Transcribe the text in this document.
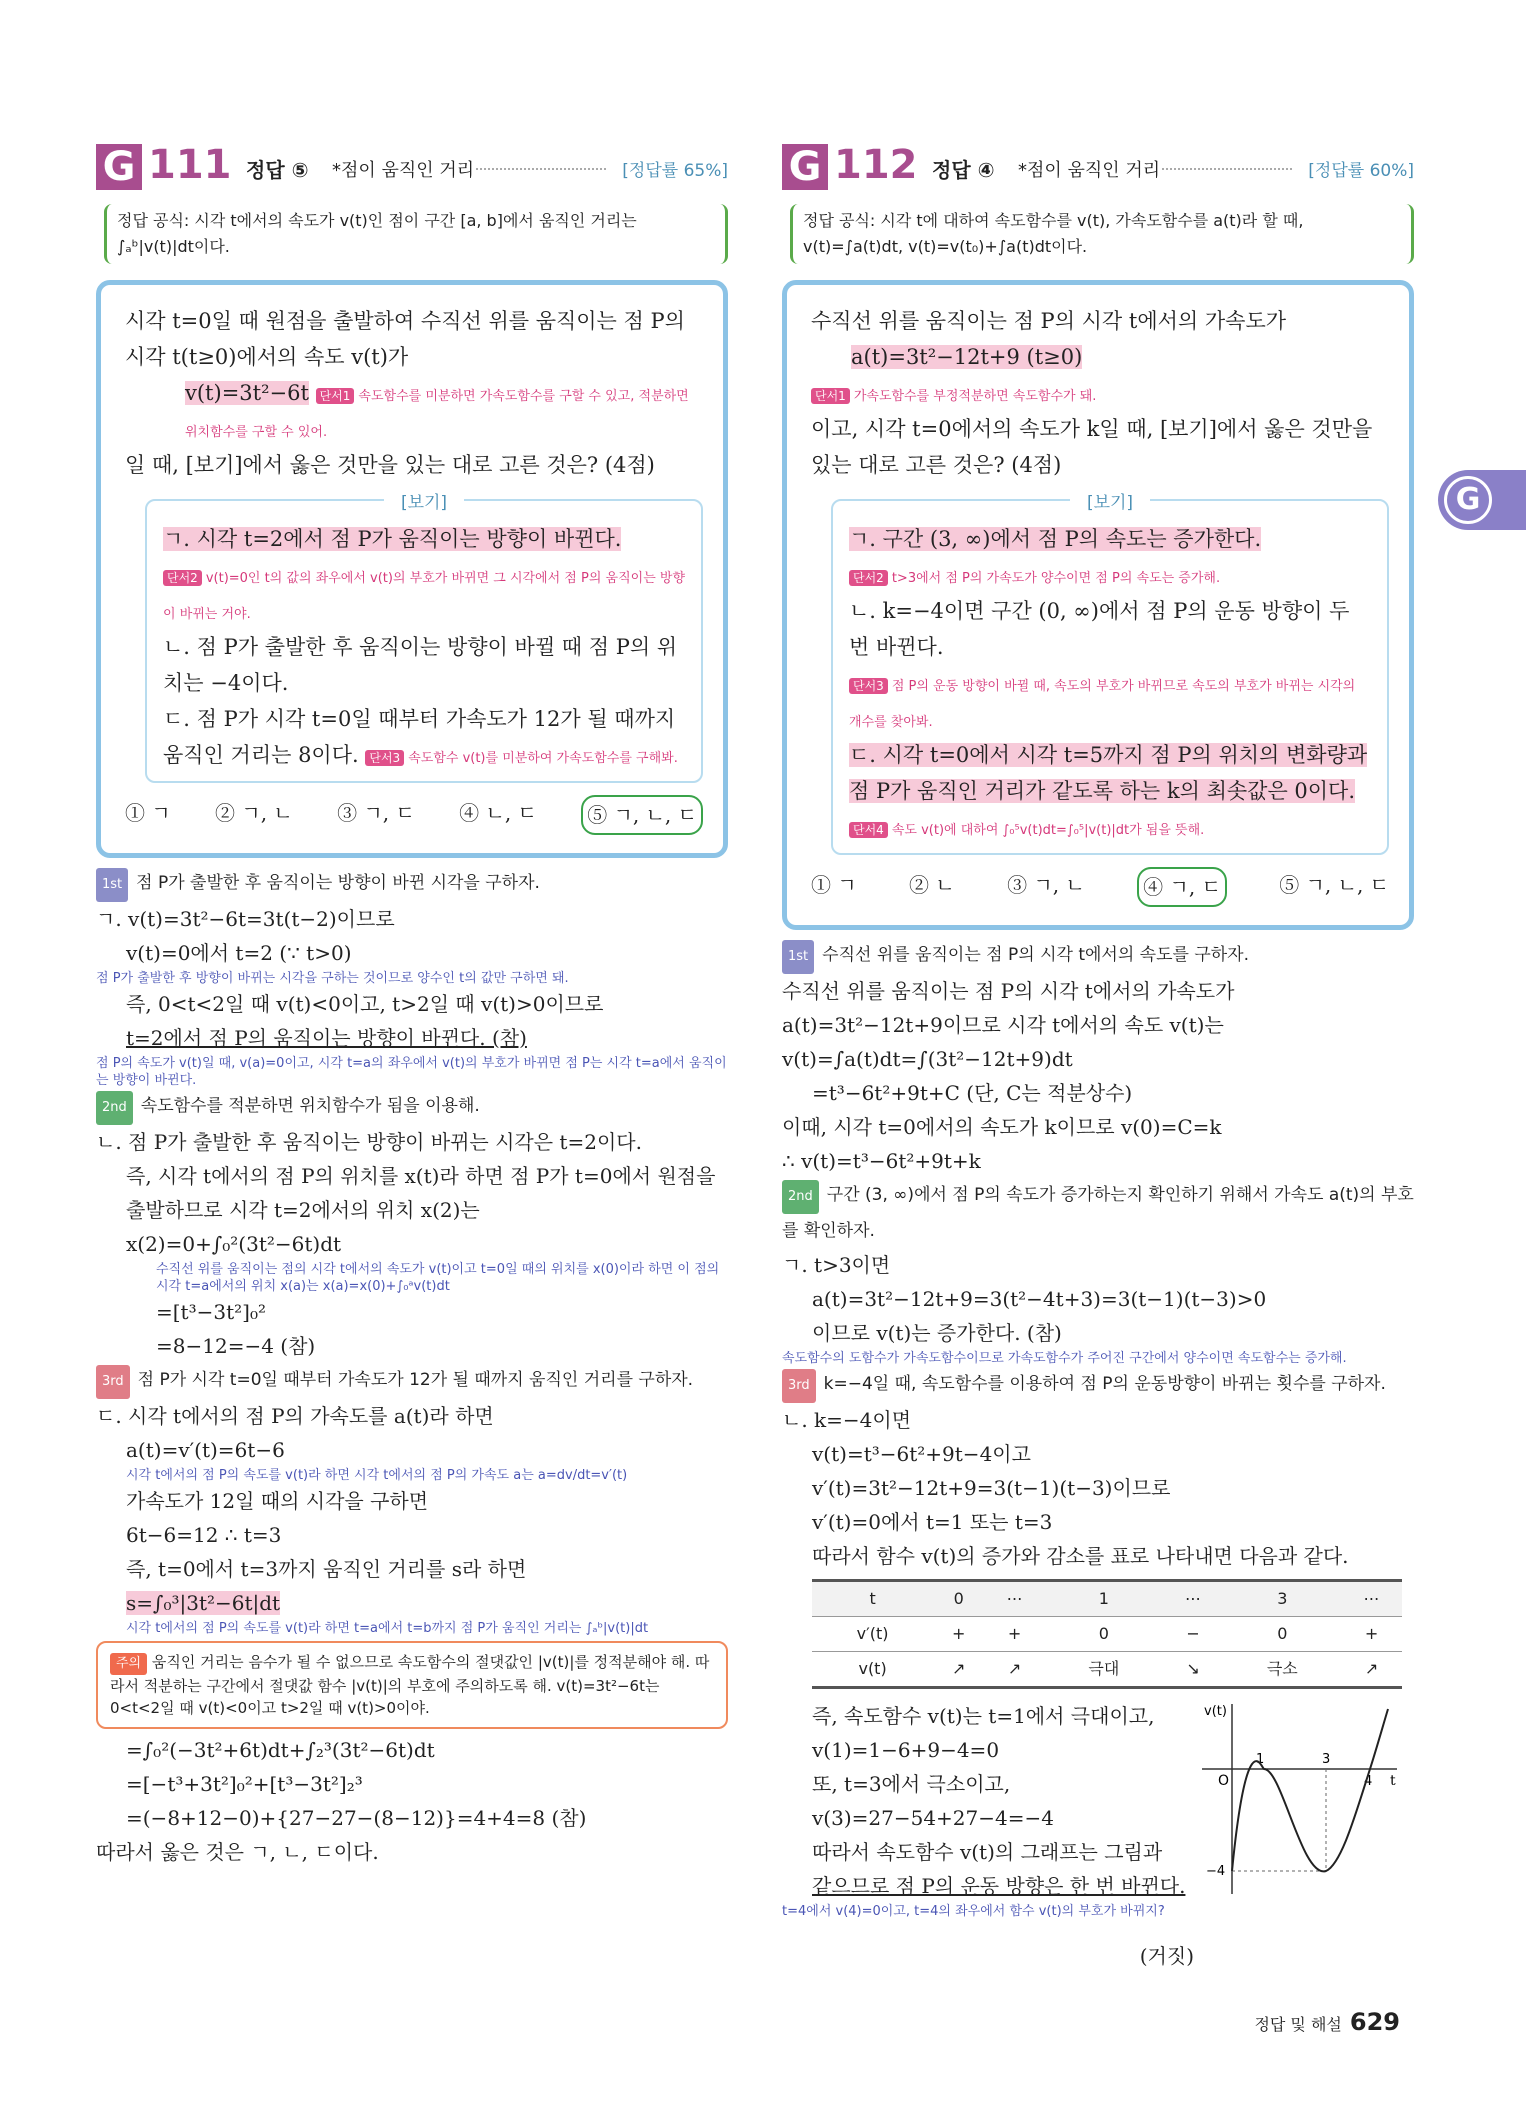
G 111 정답 ⑤ *점이 움직인 거리	[정답률 65%]
정답 공식: 시각 t에서의 속도가 v(t)인 점이 구간 [a, b]에서 움직인 거리는 ∫ₐᵇ|v(t)|dt이다.
시각 t=0일 때 원점을 출발하여 수직선 위를 움직이는 점 P의 시각 t(t≥0)에서의 속도 v(t)가
v(t)=3t²−6t 단서1 속도함수를 미분하면 가속도함수를 구할 수 있고, 적분하면 위치함수를 구할 수 있어.
일 때, [보기]에서 옳은 것만을 있는 대로 고른 것은? (4점)
[보기]
ㄱ. 시각 t=2에서 점 P가 움직이는 방향이 바뀐다.
단서2 v(t)=0인 t의 값의 좌우에서 v(t)의 부호가 바뀌면 그 시각에서 점 P의 움직이는 방향이 바뀌는 거야.
ㄴ. 점 P가 출발한 후 움직이는 방향이 바뀔 때 점 P의 위치는 −4이다.
ㄷ. 점 P가 시각 t=0일 때부터 가속도가 12가 될 때까지 움직인 거리는 8이다. 단서3 속도함수 v(t)를 미분하여 가속도함수를 구해봐.
① ㄱ ② ㄱ, ㄴ ③ ㄱ, ㄷ ④ ㄴ, ㄷ	⑤ ㄱ, ㄴ, ㄷ
1st 점 P가 출발한 후 움직이는 방향이 바뀐 시각을 구하자.
ㄱ. v(t)=3t²−6t=3t(t−2)이므로
v(t)=0에서 t=2 (∵ t>0)
점 P가 출발한 후 방향이 바뀌는 시각을 구하는 것이므로 양수인 t의 값만 구하면 돼.
즉, 0<t<2일 때 v(t)<0이고, t>2일 때 v(t)>0이므로
t=2에서 점 P의 움직이는 방향이 바뀐다. (참)
점 P의 속도가 v(t)일 때, v(a)=0이고, 시각 t=a의 좌우에서 v(t)의 부호가 바뀌면 점 P는 시각 t=a에서 움직이는 방향이 바뀐다.
2nd 속도함수를 적분하면 위치함수가 됨을 이용해.
ㄴ. 점 P가 출발한 후 움직이는 방향이 바뀌는 시각은 t=2이다.
즉, 시각 t에서의 점 P의 위치를 x(t)라 하면 점 P가 t=0에서 원점을 출발하므로 시각 t=2에서의 위치 x(2)는
x(2)=0+∫₀²(3t²−6t)dt
수직선 위를 움직이는 점의 시각 t에서의 속도가 v(t)이고 t=0일 때의 위치를 x(0)이라 하면 이 점의 시각 t=a에서의 위치 x(a)는 x(a)=x(0)+∫₀ᵃv(t)dt
=[t³−3t²]₀²
=8−12=−4 (참)
3rd 점 P가 시각 t=0일 때부터 가속도가 12가 될 때까지 움직인 거리를 구하자.
ㄷ. 시각 t에서의 점 P의 가속도를 a(t)라 하면
a(t)=v′(t)=6t−6
시각 t에서의 점 P의 속도를 v(t)라 하면 시각 t에서의 점 P의 가속도 a는 a=dv/dt=v′(t)
가속도가 12일 때의 시각을 구하면
6t−6=12 ∴ t=3
즉, t=0에서 t=3까지 움직인 거리를 s라 하면
s=∫₀³|3t²−6t|dt
시각 t에서의 점 P의 속도를 v(t)라 하면 t=a에서 t=b까지 점 P가 움직인 거리는 ∫ₐᵇ|v(t)|dt
주의 움직인 거리는 음수가 될 수 없으므로 속도함수의 절댓값인 |v(t)|를 정적분해야 해. 따라서 적분하는 구간에서 절댓값 함수 |v(t)|의 부호에 주의하도록 해. v(t)=3t²−6t는 0<t<2일 때 v(t)<0이고 t>2일 때 v(t)>0이야.
=∫₀²(−3t²+6t)dt+∫₂³(3t²−6t)dt
=[−t³+3t²]₀²+[t³−3t²]₂³
=(−8+12−0)+{27−27−(8−12)}=4+4=8 (참)
따라서 옳은 것은 ㄱ, ㄴ, ㄷ이다.
G 112 정답 ④ *점이 움직인 거리	[정답률 60%]
정답 공식: 시각 t에 대하여 속도함수를 v(t), 가속도함수를 a(t)라 할 때, v(t)=∫a(t)dt, v(t)=v(t₀)+∫a(t)dt이다.
수직선 위를 움직이는 점 P의 시각 t에서의 가속도가
a(t)=3t²−12t+9 (t≥0)
단서1 가속도함수를 부정적분하면 속도함수가 돼.
이고, 시각 t=0에서의 속도가 k일 때, [보기]에서 옳은 것만을 있는 대로 고른 것은? (4점)
[보기]
ㄱ. 구간 (3, ∞)에서 점 P의 속도는 증가한다.
단서2 t>3에서 점 P의 가속도가 양수이면 점 P의 속도는 증가해.
ㄴ. k=−4이면 구간 (0, ∞)에서 점 P의 운동 방향이 두 번 바뀐다.
단서3 점 P의 운동 방향이 바뀔 때, 속도의 부호가 바뀌므로 속도의 부호가 바뀌는 시각의 개수를 찾아봐.
ㄷ. 시각 t=0에서 시각 t=5까지 점 P의 위치의 변화량과 점 P가 움직인 거리가 같도록 하는 k의 최솟값은 0이다.
단서4 속도 v(t)에 대하여 ∫₀⁵v(t)dt=∫₀⁵|v(t)|dt가 됨을 뜻해.
① ㄱ	② ㄴ	③ ㄱ, ㄴ	④ ㄱ, ㄷ	⑤ ㄱ, ㄴ, ㄷ
1st 수직선 위를 움직이는 점 P의 시각 t에서의 속도를 구하자.
수직선 위를 움직이는 점 P의 시각 t에서의 가속도가
a(t)=3t²−12t+9이므로 시각 t에서의 속도 v(t)는
v(t)=∫a(t)dt=∫(3t²−12t+9)dt
=t³−6t²+9t+C (단, C는 적분상수)
이때, 시각 t=0에서의 속도가 k이므로 v(0)=C=k
∴ v(t)=t³−6t²+9t+k
2nd 구간 (3, ∞)에서 점 P의 속도가 증가하는지 확인하기 위해서 가속도 a(t)의 부호를 확인하자.
ㄱ. t>3이면
a(t)=3t²−12t+9=3(t²−4t+3)=3(t−1)(t−3)>0
이므로 v(t)는 증가한다. (참)
속도함수의 도함수가 가속도함수이므로 가속도함수가 주어진 구간에서 양수이면 속도함수는 증가해.
3rd k=−4일 때, 속도함수를 이용하여 점 P의 운동방향이 바뀌는 횟수를 구하자.
ㄴ. k=−4이면
v(t)=t³−6t²+9t−4이고
v′(t)=3t²−12t+9=3(t−1)(t−3)이므로
v′(t)=0에서 t=1 또는 t=3
따라서 함수 v(t)의 증가와 감소를 표로 나타내면 다음과 같다.
t	0	⋯	1	⋯	3	⋯
v′(t)	+	+	0	−	0	+
v(t)	↗	↗	극대	↘	극소	↗
즉, 속도함수 v(t)는 t=1에서 극대이고,
v(1)=1−6+9−4=0
또, t=3에서 극소이고,
v(3)=27−54+27−4=−4
따라서 속도함수 v(t)의 그래프는 그림과
같으므로 점 P의 운동 방향은 한 번 바뀐다.
t=4에서 v(4)=0이고, t=4의 좌우에서 함수 v(t)의 부호가 바뀌지?
v(t)
t
O
1	3
4
−4
(거짓)
G
정답 및 해설 629
